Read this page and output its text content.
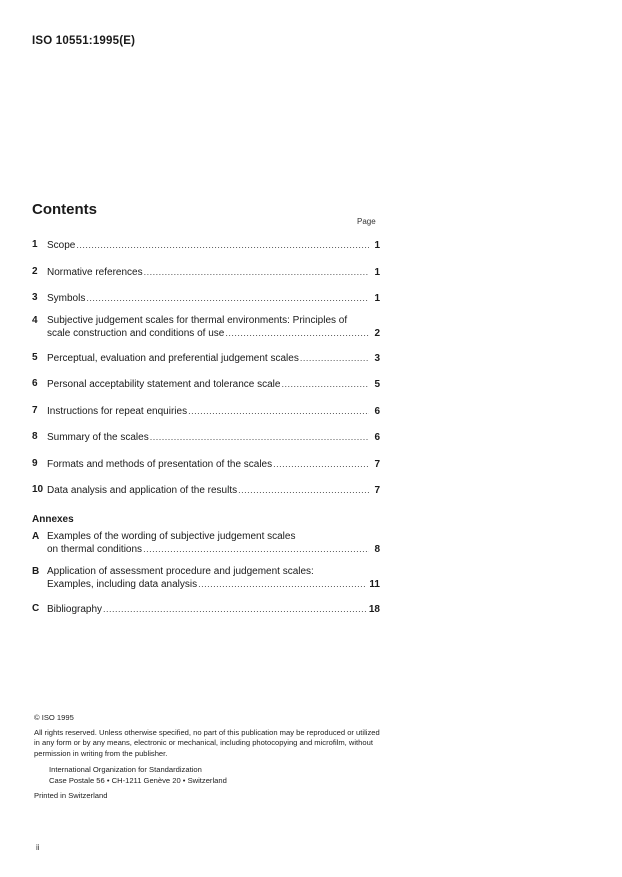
ISO 10551:1995(E)
Contents
Page
1 Scope .....	1
2 Normative references .....	1
3 Symbols .....	1
4 Subjective judgement scales for thermal environments: Principles of
scale construction and conditions of use .....	2
5 Perceptual, evaluation and preferential judgement scales .....	3
6 Personal acceptability statement and tolerance scale .....	5
7 Instructions for repeat enquiries .....	6
8 Summary of the scales .....	6
9 Formats and methods of presentation of the scales .....	7
10 Data analysis and application of the results .....	7
Annexes
A Examples of the wording of subjective judgement scales
on thermal conditions .....	8
B Application of assessment procedure and judgement scales:
Examples, including data analysis .....	11
C Bibliography .....	18
© ISO 1995
All rights reserved. Unless otherwise specified, no part of this publication may be reproduced or utilized in any form or by any means, electronic or mechanical, including photocopying and microfilm, without permission in writing from the publisher.
International Organization for Standardization
Case Postale 56 • CH-1211 Genève 20 • Switzerland
Printed in Switzerland
ii
